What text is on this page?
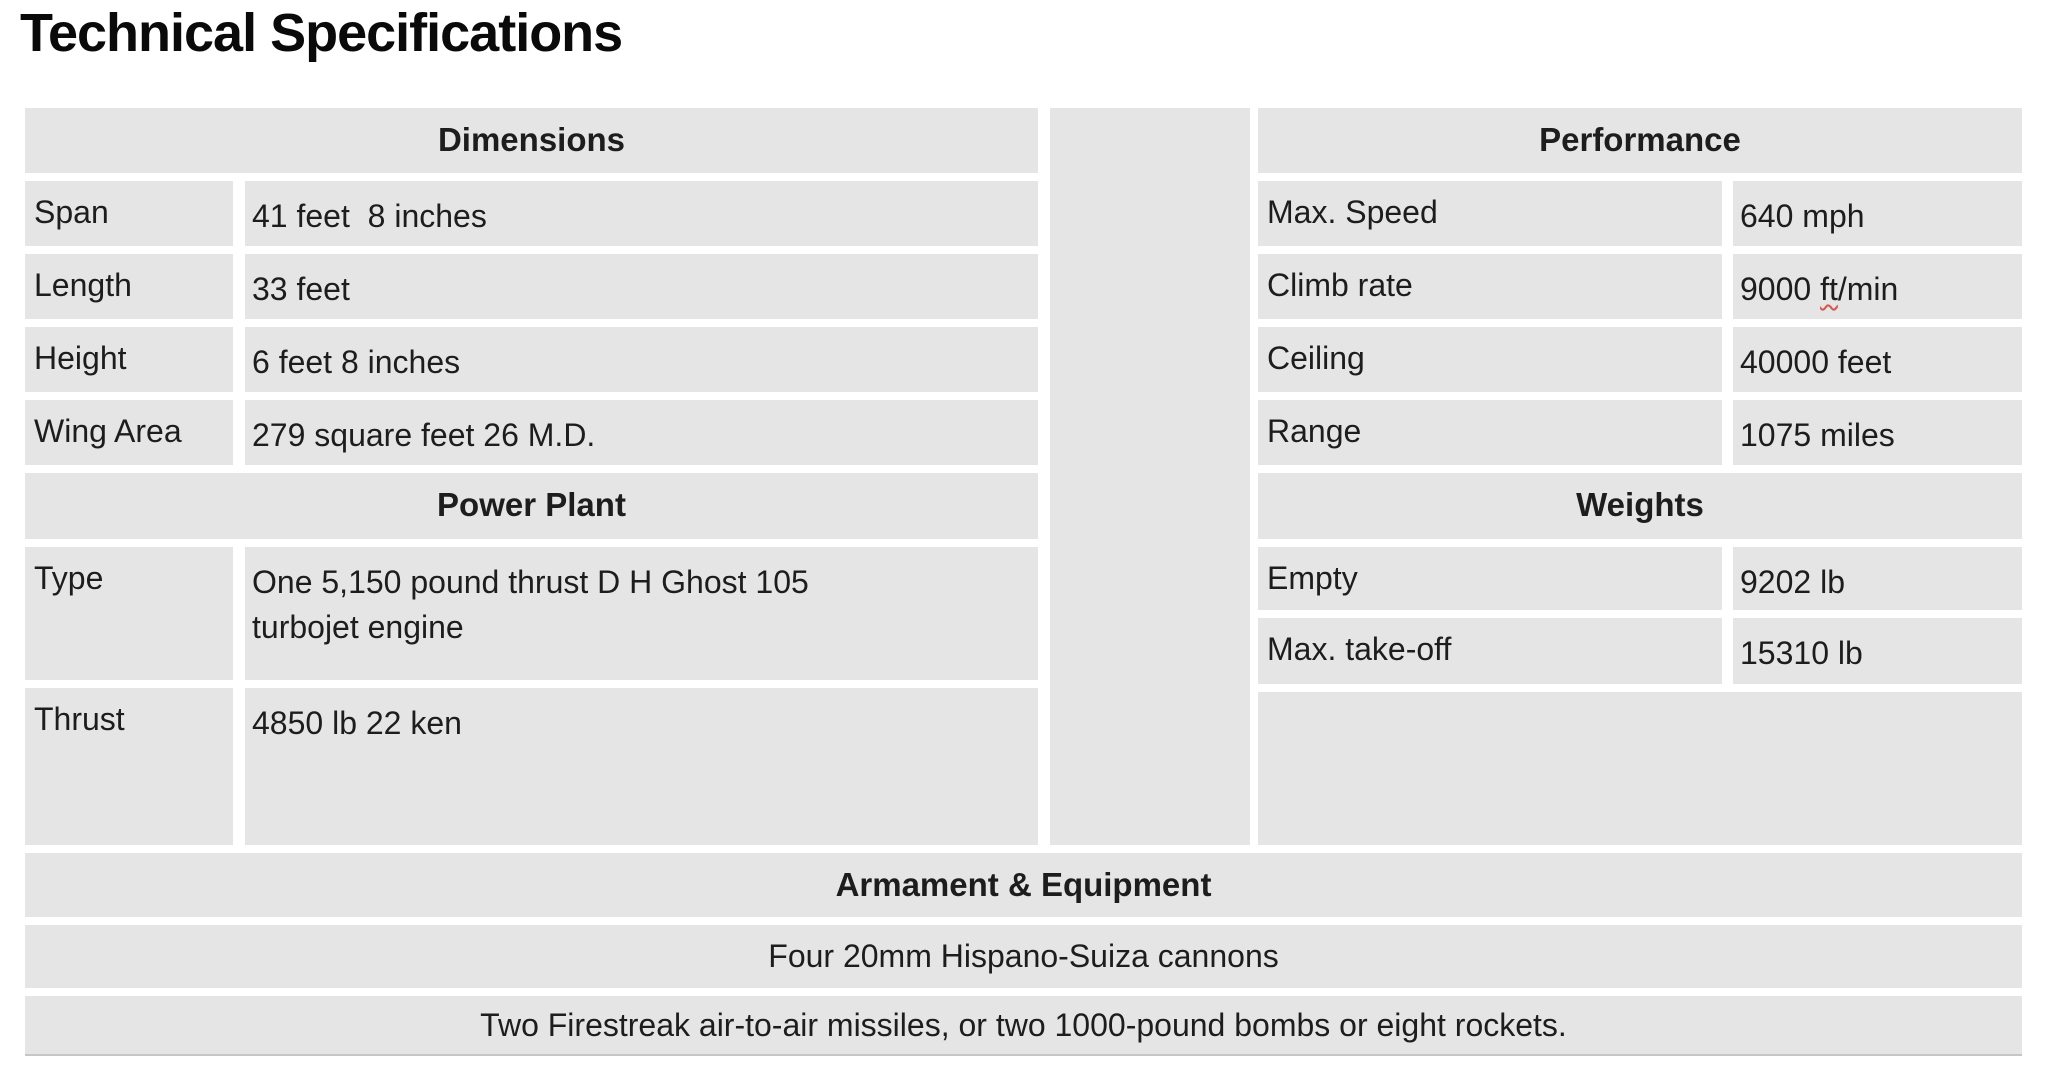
Technical Specifications
Dimensions
Span	41 feet  8 inches
Length	33 feet
Height	6 feet 8 inches
Wing Area	279 square feet 26 M.D.
Power Plant
Type	One 5,150 pound thrust D H Ghost 105 turbojet engine
Thrust	4850 lb 22 ken
Performance
Max. Speed	640 mph
Climb rate	9000 ft/min
Ceiling	40000 feet
Range	1075 miles
Weights
Empty	9202 lb
Max. take-off	15310 lb
Armament & Equipment
Four 20mm Hispano-Suiza cannons
Two Firestreak air-to-air missiles, or two 1000-pound bombs or eight rockets.
